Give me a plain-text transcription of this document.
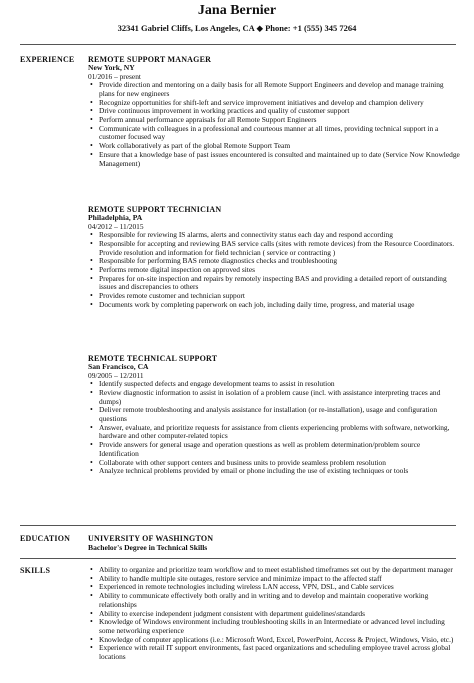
Jana Bernier
32341 Gabriel Cliffs, Los Angeles, CA ◆ Phone: +1 (555) 345 7264
EXPERIENCE REMOTE SUPPORT MANAGER
New York, NY
01/2016 – present
• Provide direction and mentoring on a daily basis for all Remote Support Engineers and develop and manage training plans for new engineers
• Recognize opportunities for shift-left and service improvement initiatives and develop and champion delivery
• Drive continuous improvement in working practices and quality of customer support
• Perform annual performance appraisals for all Remote Support Engineers
• Communicate with colleagues in a professional and courteous manner at all times, providing technical support in a customer focused way
• Work collaboratively as part of the global Remote Support Team
• Ensure that a knowledge base of past issues encountered is consulted and maintained up to date (Service Now Knowledge Management)
REMOTE SUPPORT TECHNICIAN
Philadelphia, PA
04/2012 – 11/2015
• Responsible for reviewing IS alarms, alerts and connectivity status each day and respond according
• Responsible for accepting and reviewing BAS service calls (sites with remote devices) from the Resource Coordinators. Provide resolution and information for field technician ( service or contracting )
• Responsible for performing BAS remote diagnostics checks and troubleshooting
• Performs remote digital inspection on approved sites
• Prepares for on-site inspection and repairs by remotely inspecting BAS and providing a detailed report of outstanding issues and discrepancies to others
• Provides remote customer and technician support
• Documents work by completing paperwork on each job, including daily time, progress, and material usage
REMOTE TECHNICAL SUPPORT
San Francisco, CA
09/2005 – 12/2011
• Identify suspected defects and engage development teams to assist in resolution
• Review diagnostic information to assist in isolation of a problem cause (incl. with assistance interpreting traces and dumps)
• Deliver remote troubleshooting and analysis assistance for installation (or re-installation), usage and configuration questions
• Answer, evaluate, and prioritize requests for assistance from clients experiencing problems with software, networking, hardware and other computer-related topics
• Provide answers for general usage and operation questions as well as problem determination/problem source Identification
• Collaborate with other support centers and business units to provide seamless problem resolution
• Analyze technical problems provided by email or phone including the use of existing techniques or tools
EDUCATION UNIVERSITY OF WASHINGTON
Bachelor's Degree in Technical Skills
SKILLS
•	Ability to organize and prioritize team workflow and to meet established timeframes set out by the department manager
• Ability to handle multiple site outages, restore service and minimize impact to the affected staff
• Experienced in remote technologies including wireless LAN access, VPN, DSL, and Cable services
• Ability to communicate effectively both orally and in writing and to develop and maintain cooperative working relationships
• Ability to exercise independent judgment consistent with department guidelines\standards
• Knowledge of Windows environment including troubleshooting skills in an Intermediate or advanced level including some networking experience
• Knowledge of computer applications (i.e.: Microsoft Word, Excel, PowerPoint, Access & Project, Windows, Visio, etc.)
• Experience with retail IT support environments, fast paced organizations and scheduling employee travel across global locations
